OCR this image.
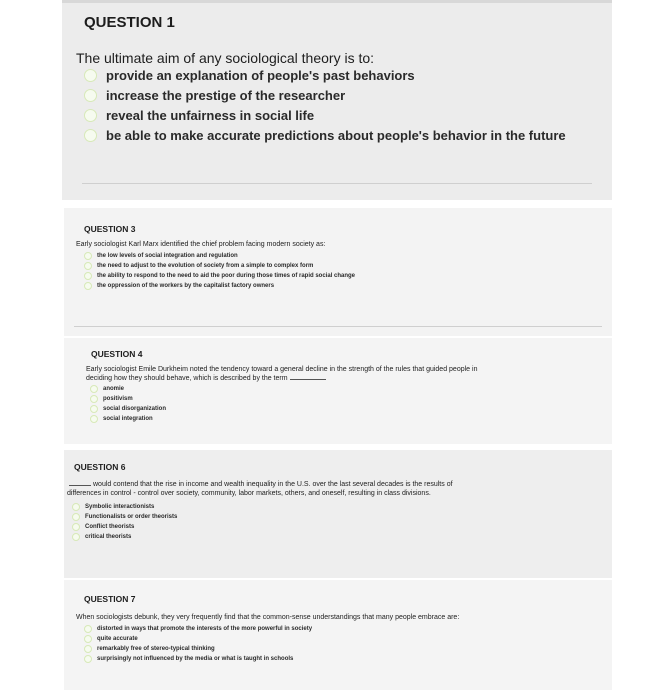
QUESTION 1
The ultimate aim of any sociological theory is to:
provide an explanation of people's past behaviors
increase the prestige of the researcher
reveal the unfairness in social life
be able to make accurate predictions about people's behavior in the future
QUESTION 3
Early sociologist Karl Marx identified the chief problem facing modern society as:
the low levels of social integration and regulation
the need to adjust to the evolution of society from a simple to complex form
the ability to respond to the need to aid the poor during those times of rapid social change
the oppression of the workers by the capitalist factory owners
QUESTION 4
Early sociologist Emile Durkheim noted the tendency toward a general decline in the strength of the rules that guided people in
deciding how they should behave, which is described by the term
anomie
positivism
social disorganization
social integration
QUESTION 6
would contend that the rise in income and wealth inequality in the U.S. over the last several decades is the results of
differences in control - control over society, community, labor markets, others, and oneself, resulting in class divisions.
Symbolic interactionists
Functionalists or order theorists
Conflict theorists
critical theorists
QUESTION 7
When sociologists debunk, they very frequently find that the common-sense understandings that many people embrace are:
distorted in ways that promote the interests of the more powerful in society
quite accurate
remarkably free of stereo-typical thinking
surprisingly not influenced by the media or what is taught in schools
